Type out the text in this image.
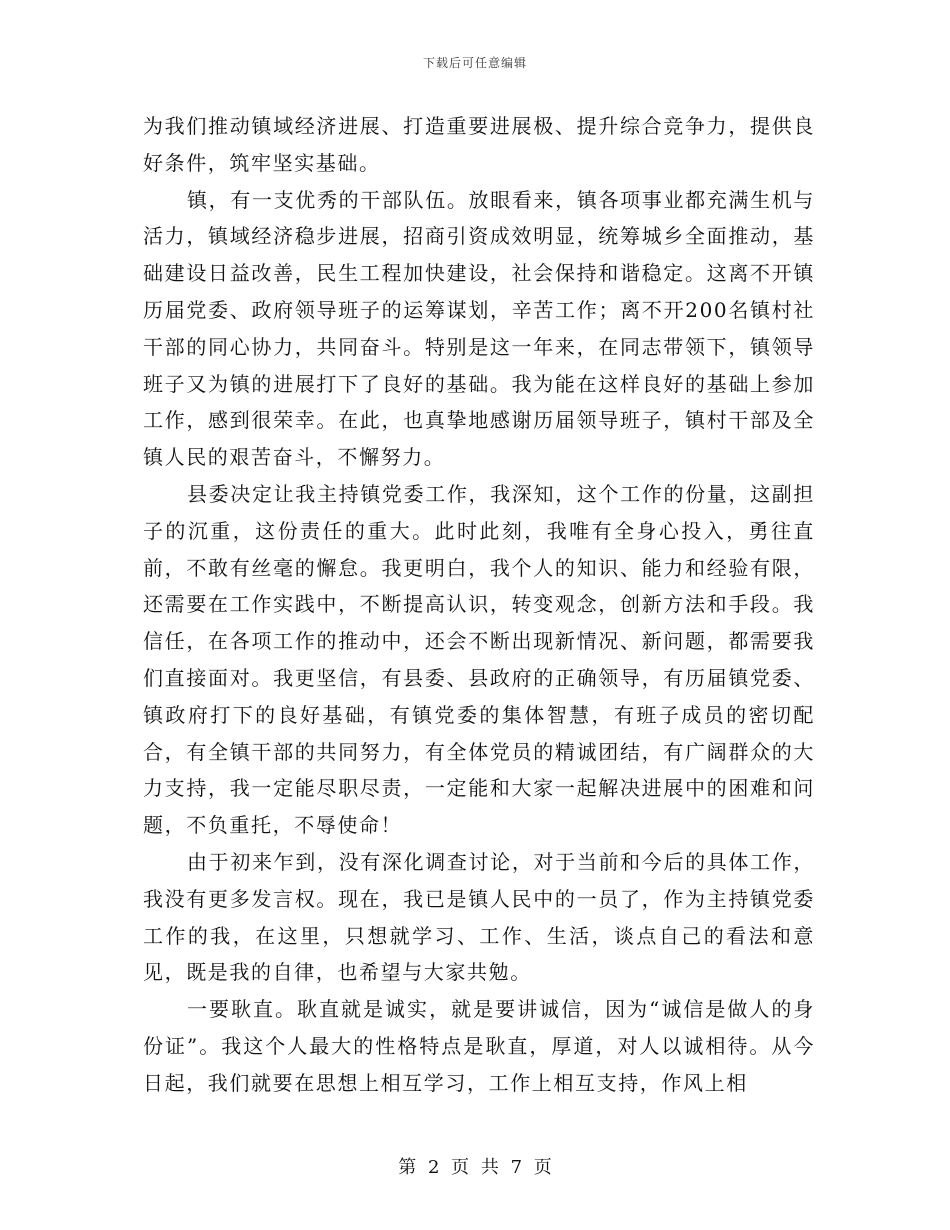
下载后可任意编辑

为我们推动镇域经济进展、打造重要进展极、提升综合竞争力，提供良好条件，筑牢坚实基础。

镇，有一支优秀的干部队伍。放眼看来，镇各项事业都充满生机与活力，镇域经济稳步进展，招商引资成效明显，统筹城乡全面推动，基础建设日益改善，民生工程加快建设，社会保持和谐稳定。这离不开镇历届党委、政府领导班子的运筹谋划，辛苦工作；离不开200名镇村社干部的同心协力，共同奋斗。特别是这一年来，在同志带领下，镇领导班子又为镇的进展打下了良好的基础。我为能在这样良好的基础上参加工作，感到很荣幸。在此，也真挚地感谢历届领导班子，镇村干部及全镇人民的艰苦奋斗，不懈努力。

县委决定让我主持镇党委工作，我深知，这个工作的份量，这副担子的沉重，这份责任的重大。此时此刻，我唯有全身心投入，勇往直前，不敢有丝毫的懈怠。我更明白，我个人的知识、能力和经验有限，还需要在工作实践中，不断提高认识，转变观念，创新方法和手段。我信任，在各项工作的推动中，还会不断出现新情况、新问题，都需要我们直接面对。我更坚信，有县委、县政府的正确领导，有历届镇党委、镇政府打下的良好基础，有镇党委的集体智慧，有班子成员的密切配合，有全镇干部的共同努力，有全体党员的精诚团结，有广阔群众的大力支持，我一定能尽职尽责，一定能和大家一起解决进展中的困难和问题，不负重托，不辱使命！

由于初来乍到，没有深化调查讨论，对于当前和今后的具体工作，我没有更多发言权。现在，我已是镇人民中的一员了，作为主持镇党委工作的我，在这里，只想就学习、工作、生活，谈点自己的看法和意见，既是我的自律，也希望与大家共勉。

一要耿直。耿直就是诚实，就是要讲诚信，因为“诚信是做人的身份证”。我这个人最大的性格特点是耿直，厚道，对人以诚相待。从今日起，我们就要在思想上相互学习，工作上相互支持，作风上相

第 2 页 共 7 页
